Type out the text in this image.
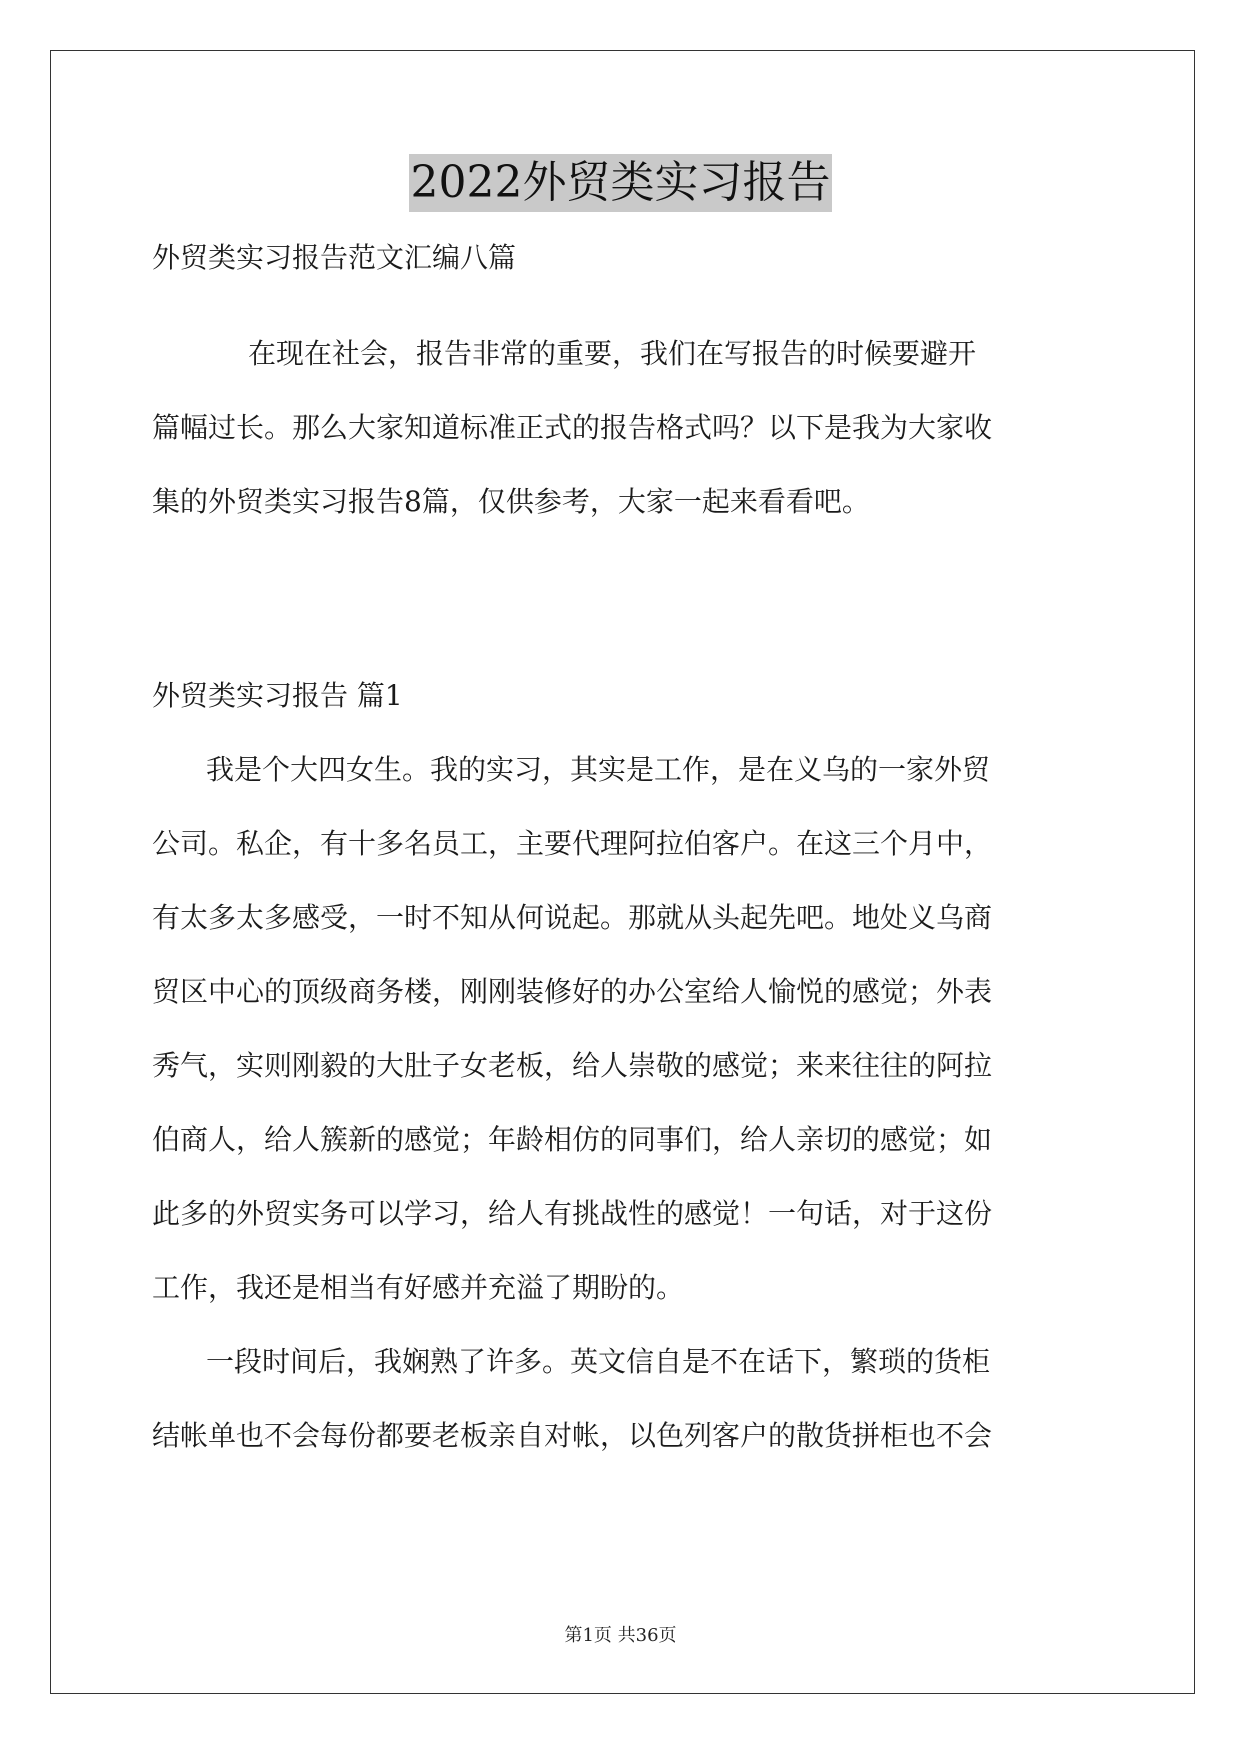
2022外贸类实习报告
外贸类实习报告范文汇编八篇
在现在社会，报告非常的重要，我们在写报告的时候要避开
篇幅过长。那么大家知道标准正式的报告格式吗？以下是我为大家收
集的外贸类实习报告8篇，仅供参考，大家一起来看看吧。
外贸类实习报告 篇1
我是个大四女生。我的实习，其实是工作，是在义乌的一家外贸
公司。私企，有十多名员工，主要代理阿拉伯客户。在这三个月中，
有太多太多感受，一时不知从何说起。那就从头起先吧。地处义乌商
贸区中心的顶级商务楼，刚刚装修好的办公室给人愉悦的感觉；外表
秀气，实则刚毅的大肚子女老板，给人崇敬的感觉；来来往往的阿拉
伯商人，给人簇新的感觉；年龄相仿的同事们，给人亲切的感觉；如
此多的外贸实务可以学习，给人有挑战性的感觉！一句话，对于这份
工作，我还是相当有好感并充溢了期盼的。
一段时间后，我娴熟了许多。英文信自是不在话下，繁琐的货柜
结帐单也不会每份都要老板亲自对帐，以色列客户的散货拼柜也不会
第1页 共36页
